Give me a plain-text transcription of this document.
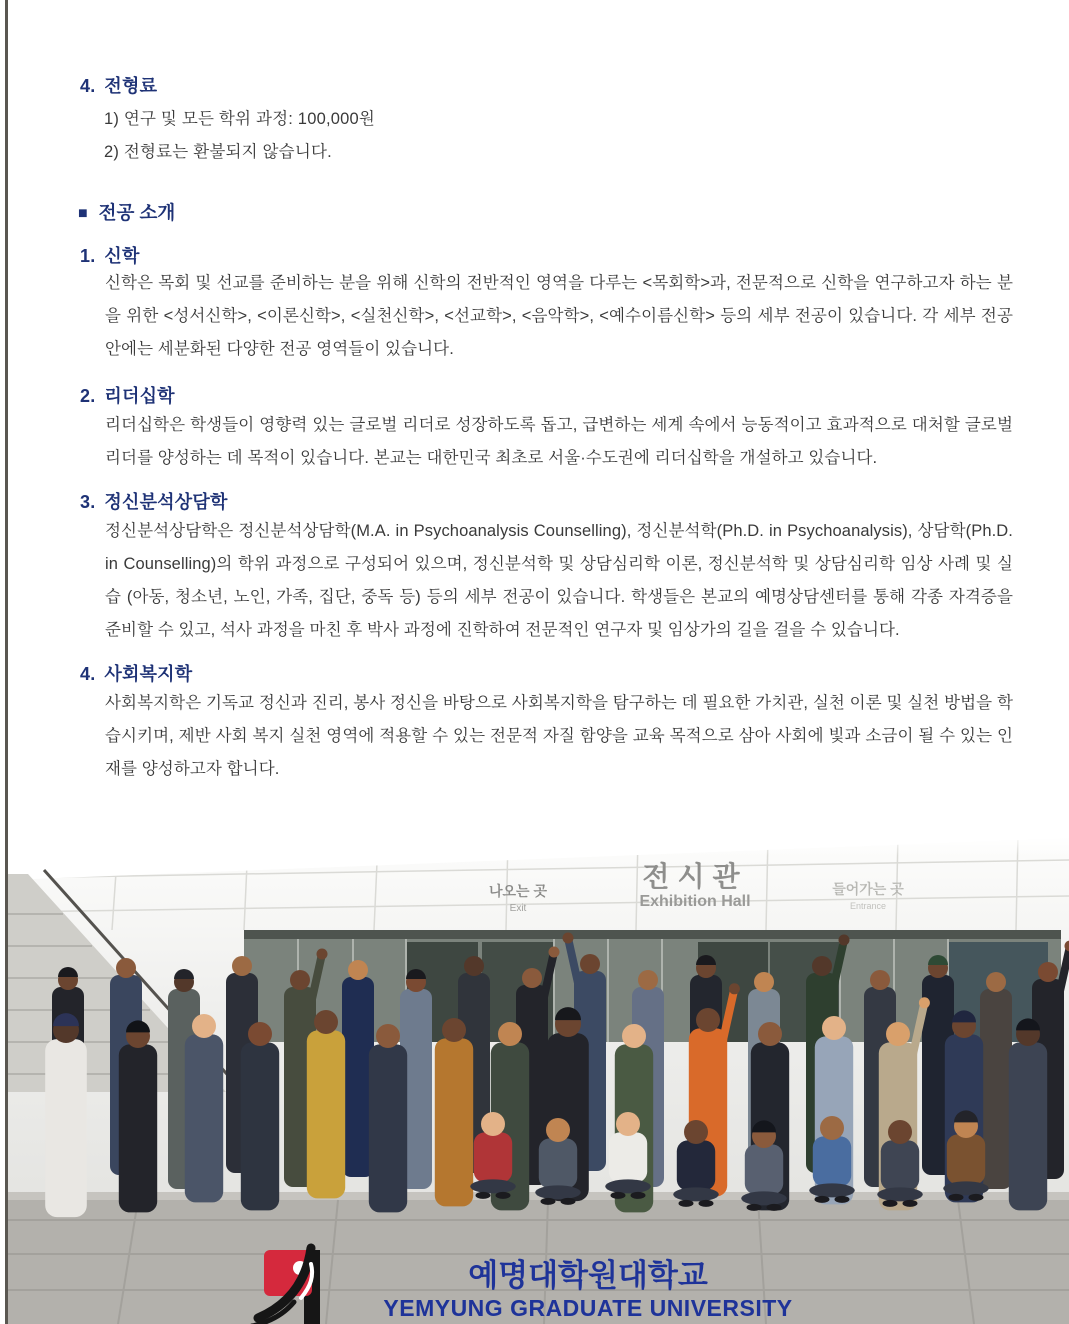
4. 전형료

1) 연구 및 모든 학위 과정: 100,000원

2) 전형료는 환불되지 않습니다.

■ 전공 소개
1. 신학

신학은 목회 및 선교를 준비하는 분을 위해 신학의 전반적인 영역을 다루는 <목회학>과, 전문적으로 신학을 연구하고자 하는 분을 위한 <성서신학>, <이론신학>, <실천신학>, <선교학>, <음악학>, <예수이름신학> 등의 세부 전공이 있습니다. 각 세부 전공 안에는 세분화된 다양한 전공 영역들이 있습니다.

2. 리더십학

리더십학은 학생들이 영향력 있는 글로벌 리더로 성장하도록 돕고, 급변하는 세계 속에서 능동적이고 효과적으로 대처할 글로벌 리더를 양성하는 데 목적이 있습니다. 본교는 대한민국 최초로 서울·수도권에 리더십학을 개설하고 있습니다.

3. 정신분석상담학

정신분석상담학은 정신분석상담학(M.A. in Psychoanalysis Counselling), 정신분석학(Ph.D. in Psychoanalysis), 상담학(Ph.D. in Counselling)의 학위 과정으로 구성되어 있으며, 정신분석학 및 상담심리학 이론, 정신분석학 및 상담심리학 임상 사례 및 실습 (아동, 청소년, 노인, 가족, 집단, 중독 등) 등의 세부 전공이 있습니다. 학생들은 본교의 예명상담센터를 통해 각종 자격증을 준비할 수 있고, 석사 과정을 마친 후 박사 과정에 진학하여 전문적인 연구자 및 임상가의 길을 걸을 수 있습니다.

4. 사회복지학

사회복지학은 기독교 정신과 진리, 봉사 정신을 바탕으로 사회복지학을 탐구하는 데 필요한 가치관, 실천 이론 및 실천 방법을 학습시키며, 제반 사회 복지 실천 영역에 적용할 수 있는 전문적 자질 함양을 교육 목적으로 삼아 사회에 빛과 소금이 될 수 있는 인재를 양성하고자 합니다.

전시관
Exhibition Hall
나오는 곳
Exit
들어가는 곳
Entrance
예명대학원대학교
YEMYUNG GRADUATE UNIVERSITY
